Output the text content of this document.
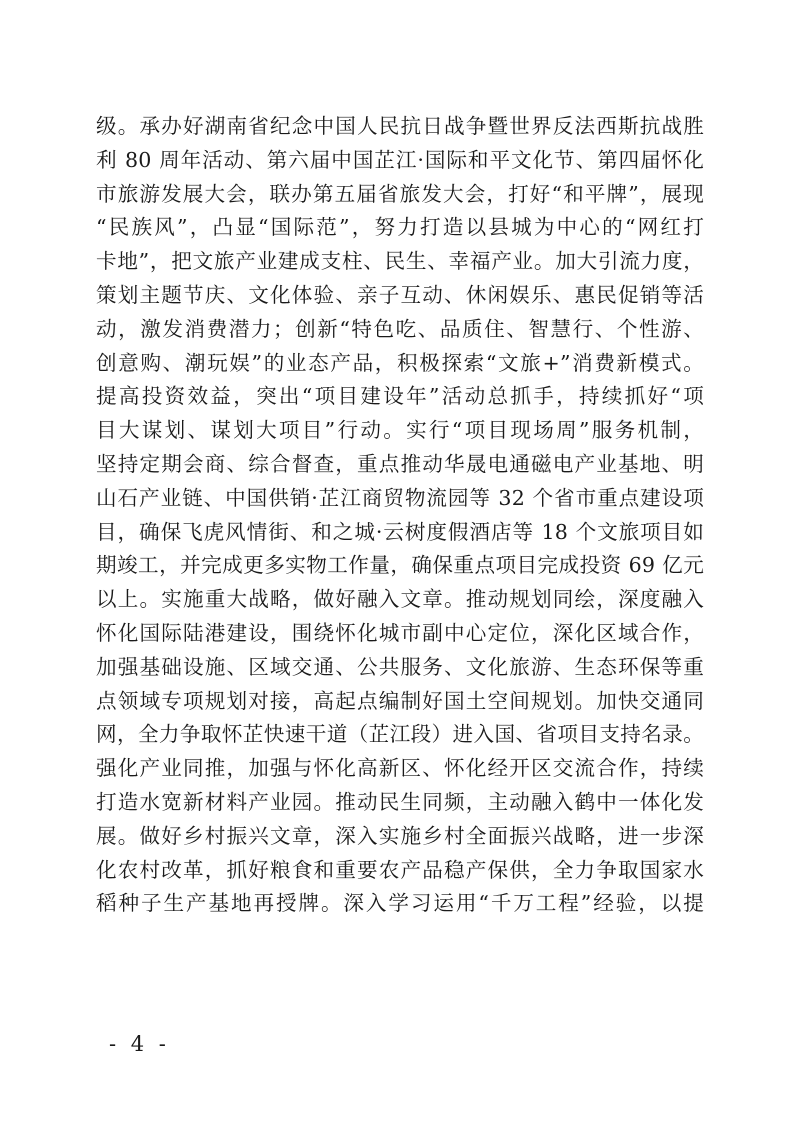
级。承办好湖南省纪念中国人民抗日战争暨世界反法西斯抗战胜
利 80 周年活动、第六届中国芷江·国际和平文化节、第四届怀化
市旅游发展大会，联办第五届省旅发大会，打好“和平牌”，展现
“民族风”，凸显“国际范”，努力打造以县城为中心的“网红打
卡地”，把文旅产业建成支柱、民生、幸福产业。加大引流力度，
策划主题节庆、文化体验、亲子互动、休闲娱乐、惠民促销等活
动，激发消费潜力；创新“特色吃、品质住、智慧行、个性游、
创意购、潮玩娱”的业态产品，积极探索“文旅+”消费新模式。
提高投资效益，突出“项目建设年”活动总抓手，持续抓好“项
目大谋划、谋划大项目”行动。实行“项目现场周”服务机制，
坚持定期会商、综合督查，重点推动华晟电通磁电产业基地、明
山石产业链、中国供销·芷江商贸物流园等 32 个省市重点建设项
目，确保飞虎风情街、和之城·云树度假酒店等 18 个文旅项目如
期竣工，并完成更多实物工作量，确保重点项目完成投资 69 亿元
以上。实施重大战略，做好融入文章。推动规划同绘，深度融入
怀化国际陆港建设，围绕怀化城市副中心定位，深化区域合作，
加强基础设施、区域交通、公共服务、文化旅游、生态环保等重
点领域专项规划对接，高起点编制好国土空间规划。加快交通同
网，全力争取怀芷快速干道（芷江段）进入国、省项目支持名录。
强化产业同推，加强与怀化高新区、怀化经开区交流合作，持续
打造水宽新材料产业园。推动民生同频，主动融入鹤中一体化发
展。做好乡村振兴文章，深入实施乡村全面振兴战略，进一步深
化农村改革，抓好粮食和重要农产品稳产保供，全力争取国家水
稻种子生产基地再授牌。深入学习运用“千万工程”经验，以提
- 4 -
